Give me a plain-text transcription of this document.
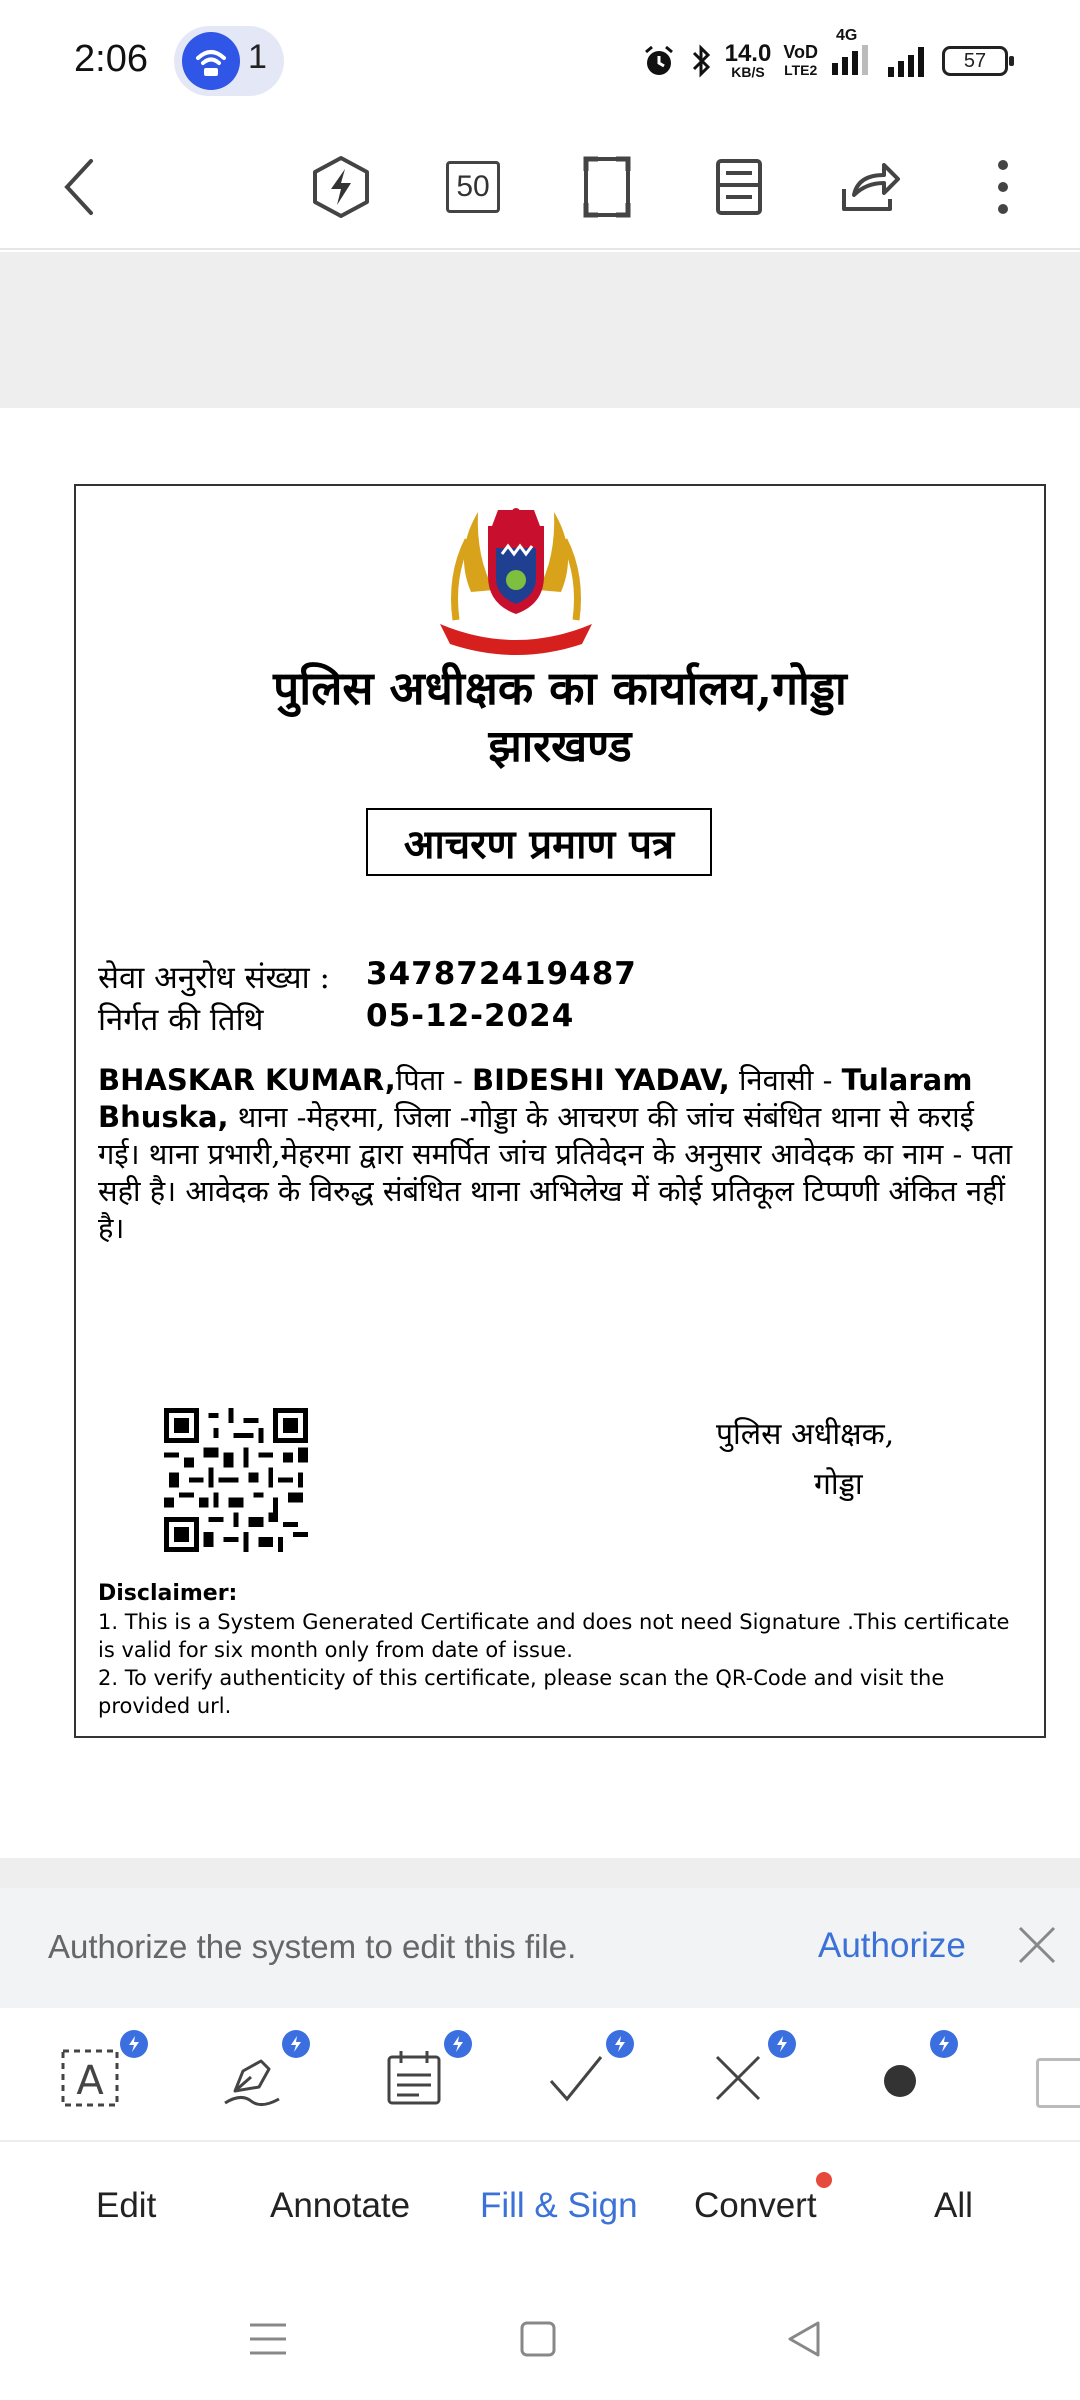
2:06	1	14.0
KB/S
VoD
LTE2
4G
57
50
पुलिस अधीक्षक का कार्यालय,गोड्डा
झारखण्ड
आचरण प्रमाण पत्र
सेवा अनुरोध संख्या :	347872419487
निर्गत की तिथि	05-12-2024
BHASKAR KUMAR,पिता - BIDESHI YADAV, निवासी - Tularam Bhuska, थाना -मेहरमा, जिला -गोड्डा के आचरण की जांच संबंधित थाना से कराई गई। थाना प्रभारी,मेहरमा द्वारा समर्पित जांच प्रतिवेदन के अनुसार आवेदक का नाम - पता सही है। आवेदक के विरुद्ध संबंधित थाना अभिलेख में कोई प्रतिकूल टिप्पणी अंकित नहीं है।
पुलिस अधीक्षक,
गोड्डा
Disclaimer:
1. This is a System Generated Certificate and does not need Signature .This certificate is valid for six month only from date of issue.
2. To verify authenticity of this certificate, please scan the QR-Code and visit the provided url.
Authorize the system to edit this file.	Authorize
A
Edit	Annotate Fill & Sign Convert	All
